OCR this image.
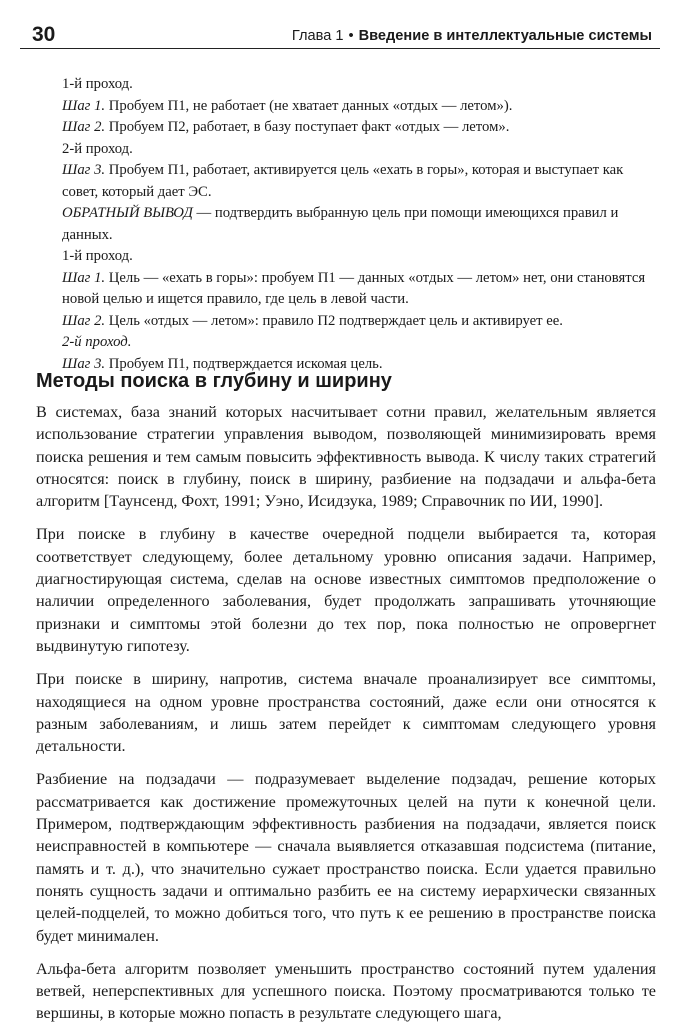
30	Глава 1 • Введение в интеллектуальные системы

1-й проход.

Шаг 1. Пробуем П1, не работает (не хватает данных «отдых — летом»).

Шаг 2. Пробуем П2, работает, в базу поступает факт «отдых — летом».

2-й проход.

Шаг 3. Пробуем П1, работает, активируется цель «ехать в горы», которая и выступает как совет, который дает ЭС.

ОБРАТНЫЙ ВЫВОД — подтвердить выбранную цель при помощи имеющихся правил и данных.

1-й проход.

Шаг 1. Цель — «ехать в горы»: пробуем П1 — данных «отдых — летом» нет, они становятся новой целью и ищется правило, где цель в левой части.

Шаг 2. Цель «отдых — летом»: правило П2 подтверждает цель и активирует ее.

2-й проход.

Шаг 3. Пробуем П1, подтверждается искомая цель.

Методы поиска в глубину и ширину

В системах, база знаний которых насчитывает сотни правил, желательным является использование стратегии управления выводом, позволяющей минимизировать время поиска решения и тем самым повысить эффективность вывода. К числу таких стратегий относятся: поиск в глубину, поиск в ширину, разбиение на подзадачи и альфа-бета алгоритм [Таунсенд, Фохт, 1991; Уэно, Исидзука, 1989; Справочник по ИИ, 1990].

При поиске в глубину в качестве очередной подцели выбирается та, которая соответствует следующему, более детальному уровню описания задачи. Например, диагностирующая система, сделав на основе известных симптомов предположение о наличии определенного заболевания, будет продолжать запрашивать уточняющие признаки и симптомы этой болезни до тех пор, пока полностью не опровергнет выдвинутую гипотезу.

При поиске в ширину, напротив, система вначале проанализирует все симптомы, находящиеся на одном уровне пространства состояний, даже если они относятся к разным заболеваниям, и лишь затем перейдет к симптомам следующего уровня детальности.

Разбиение на подзадачи — подразумевает выделение подзадач, решение которых рассматривается как достижение промежуточных целей на пути к конечной цели. Примером, подтверждающим эффективность разбиения на подзадачи, является поиск неисправностей в компьютере — сначала выявляется отказавшая подсистема (питание, память и т. д.), что значительно сужает пространство поиска. Если удается правильно понять сущность задачи и оптимально разбить ее на систему иерархически связанных целей-подцелей, то можно добиться того, что путь к ее решению в пространстве поиска будет минимален.

Альфа-бета алгоритм позволяет уменьшить пространство состояний путем удаления ветвей, неперспективных для успешного поиска. Поэтому просматриваются только те вершины, в которые можно попасть в результате следующего шага,
